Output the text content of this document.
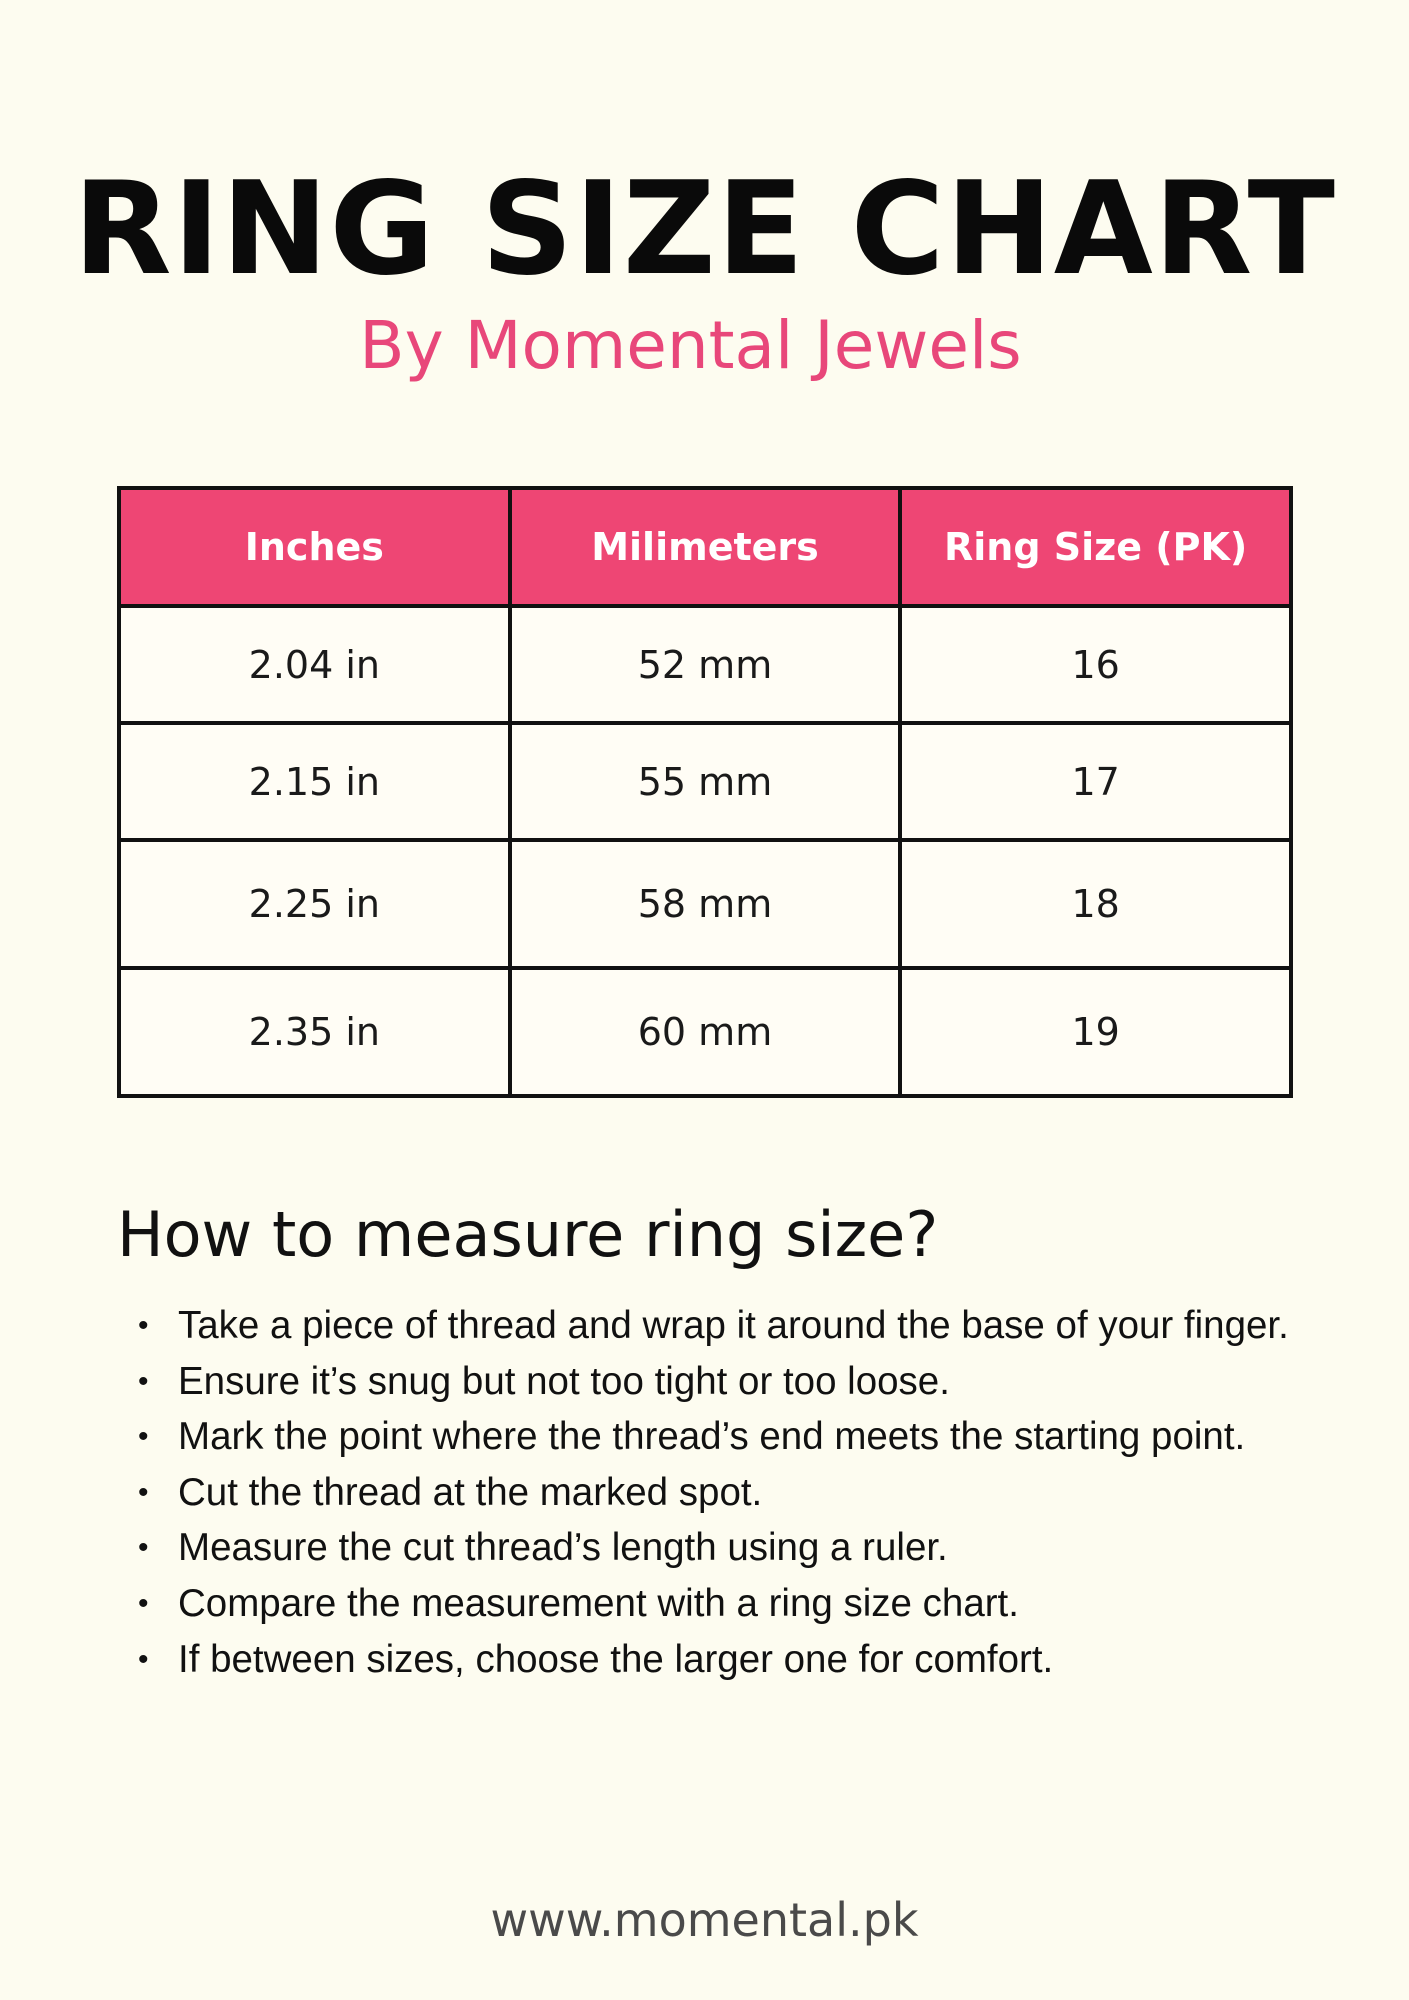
RING SIZE CHART
By Momental Jewels
Inches	Milimeters	Ring Size (PK)
2.04 in	52 mm	16
2.15 in	55 mm	17
2.25 in	58 mm	18
2.35 in	60 mm	19
How to measure ring size?
• Take a piece of thread and wrap it around the base of your finger.
• Ensure it’s snug but not too tight or too loose.
• Mark the point where the thread’s end meets the starting point.
• Cut the thread at the marked spot.
• Measure the cut thread’s length using a ruler.
• Compare the measurement with a ring size chart.
• If between sizes, choose the larger one for comfort.
www.momental.pk
